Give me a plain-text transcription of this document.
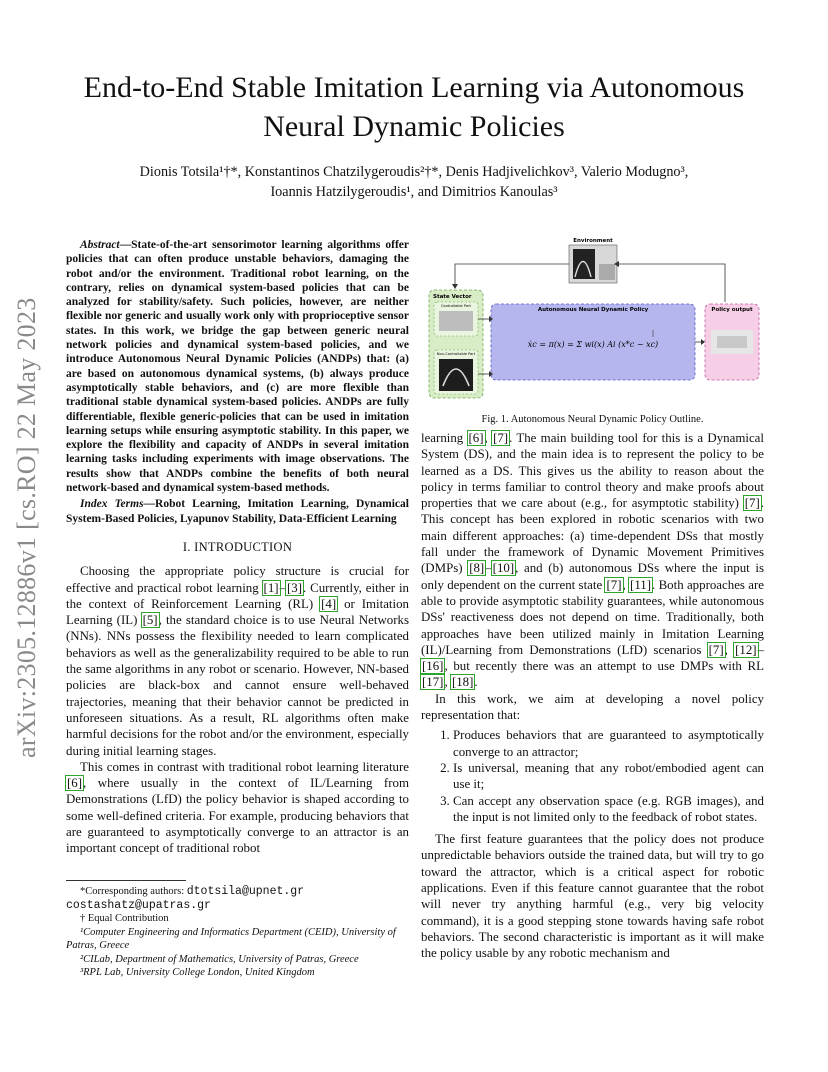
arXiv:2305.12886v1 [cs.RO] 22 May 2023
End-to-End Stable Imitation Learning via Autonomous Neural Dynamic Policies
Dionis Totsila¹†*, Konstantinos Chatzilygeroudis²†*, Denis Hadjivelichkov³, Valerio Modugno³,
Ioannis Hatzilygeroudis¹, and Dimitrios Kanoulas³

Abstract—State-of-the-art sensorimotor learning algorithms offer policies that can often produce unstable behaviors, damaging the robot and/or the environment. Traditional robot learning, on the contrary, relies on dynamical system-based policies that can be analyzed for stability/safety. Such policies, however, are neither flexible nor generic and usually work only with proprioceptive sensor states. In this work, we bridge the gap between generic neural network policies and dynamical system-based policies, and we introduce Autonomous Neural Dynamic Policies (ANDPs) that: (a) are based on autonomous dynamical systems, (b) always produce asymptotically stable behaviors, and (c) are more flexible than traditional stable dynamical system-based policies. ANDPs are fully differentiable, flexible generic-policies that can be used in imitation learning setups while ensuring asymptotic stability. In this paper, we explore the flexibility and capacity of ANDPs in several imitation learning tasks including experiments with image observations. The results show that ANDPs combine the benefits of both neural network-based and dynamical system-based methods.

Index Terms—Robot Learning, Imitation Learning, Dynamical System-Based Policies, Lyapunov Stability, Data-Efficient Learning

I. INTRODUCTION

Choosing the appropriate policy structure is crucial for effective and practical robot learning [1]–[3]. Currently, either in the context of Reinforcement Learning (RL) [4] or Imitation Learning (IL) [5], the standard choice is to use Neural Networks (NNs). NNs possess the flexibility needed to learn complicated behaviors as well as the generalizability required to be able to run the same algorithms in any robot or scenario. However, NN-based policies are black-box and cannot ensure well-behaved trajectories, meaning that their behavior cannot be predicted in unforeseen situations. As a result, RL algorithms often make harmful decisions for the robot and/or the environment, especially during initial learning stages.

This comes in contrast with traditional robot learning literature [6], where usually in the context of IL/Learning from Demonstrations (LfD) the policy behavior is shaped according to some well-defined criteria. For example, producing behaviors that are guaranteed to asymptotically converge to an attractor is an important concept of traditional robot

*Corresponding authors: dtotsila@upnet.gr
costashatz@upatras.gr
† Equal Contribution
¹Computer Engineering and Informatics Department (CEID), University of Patras, Greece
²CILab, Department of Mathematics, University of Patras, Greece
³RPL Lab, University College London, United Kingdom
Environment
State Vector
Controllable Part
Non-Controllable Part
Autonomous Neural Dynamic Policy
ẋc = π(x) = Σ wi(x) Ai (x*c − xc)
Policy output
Fig. 1. Autonomous Neural Dynamic Policy Outline.

learning [6], [7]. The main building tool for this is a Dynamical System (DS), and the main idea is to represent the policy to be learned as a DS. This gives us the ability to reason about the policy in terms familiar to control theory and make proofs about properties that we care about (e.g., for asymptotic stability) [7]. This concept has been explored in robotic scenarios with two main different approaches: (a) time-dependent DSs that mostly fall under the framework of Dynamic Movement Primitives (DMPs) [8]–[10], and (b) autonomous DSs where the input is only dependent on the current state [7], [11]. Both approaches are able to provide asymptotic stability guarantees, while autonomous DSs' reactiveness does not depend on time. Traditionally, both approaches have been utilized mainly in Imitation Learning (IL)/Learning from Demonstrations (LfD) scenarios [7], [12]–[16], but recently there was an attempt to use DMPs with RL [17], [18].

In this work, we aim at developing a novel policy representation that:

1. Produces behaviors that are guaranteed to asymptotically converge to an attractor;
2. Is universal, meaning that any robot/embodied agent can use it;
3. Can accept any observation space (e.g. RGB images), and the input is not limited only to the feedback of robot states.

The first feature guarantees that the policy does not produce unpredictable behaviors outside the trained data, but will try to go toward the attractor, which is a critical aspect for robotic applications. Even if this feature cannot guarantee that the robot will never try anything harmful (e.g., very big velocity command), it is a good stepping stone towards having safe robot behaviors. The second characteristic is important as it will make the policy usable by any robotic mechanism and
